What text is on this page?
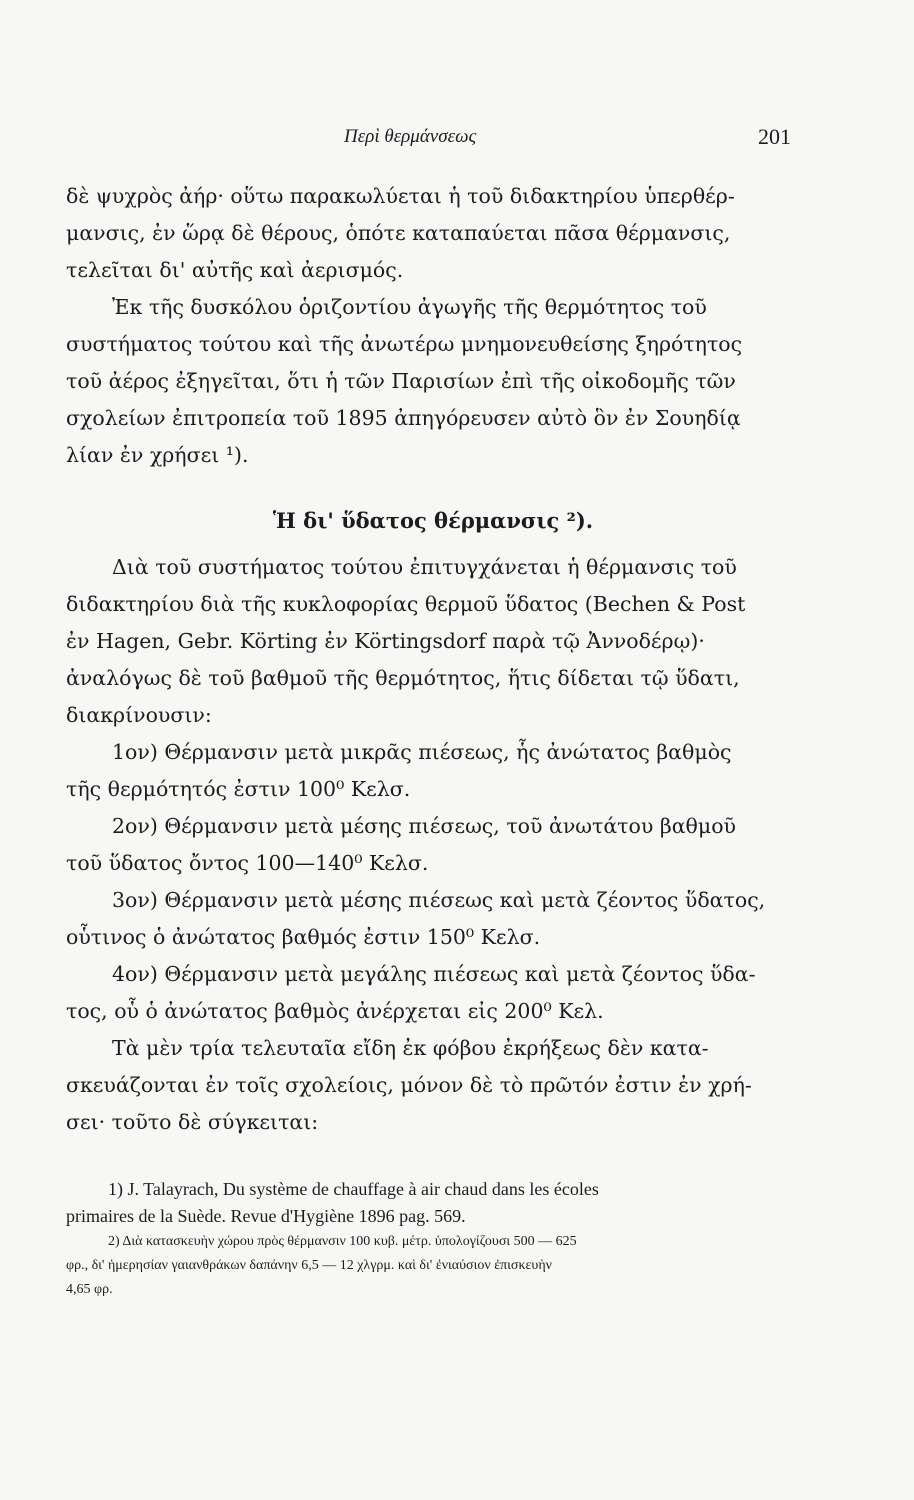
Περὶ θερμάνσεως	201
δὲ ψυχρὸς ἀήρ· οὕτω παρακωλύεται ἡ τοῦ διδακτηρίου ὑπερθέρ-
μανσις, ἐν ὥρᾳ δὲ θέρους, ὁπότε καταπαύεται πᾶσα θέρμανσις,
τελεῖται δι' αὐτῆς καὶ ἀερισμός.
Ἐκ τῆς δυσκόλου ὁριζοντίου ἀγωγῆς τῆς θερμότητος τοῦ
συστήματος τούτου καὶ τῆς ἀνωτέρω μνημονευθείσης ξηρότητος
τοῦ ἀέρος ἐξηγεῖται, ὅτι ἡ τῶν Παρισίων ἐπὶ τῆς οἰκοδομῆς τῶν
σχολείων ἐπιτροπεία τοῦ 1895 ἀπηγόρευσεν αὐτὸ ὃν ἐν Σουηδίᾳ
λίαν ἐν χρήσει ¹).
Ἡ δι' ὕδατος θέρμανσις ²).
Διὰ τοῦ συστήματος τούτου ἐπιτυγχάνεται ἡ θέρμανσις τοῦ
διδακτηρίου διὰ τῆς κυκλοφορίας θερμοῦ ὕδατος (Bechen & Post
ἐν Hagen, Gebr. Körting ἐν Körtingsdorf παρὰ τῷ Ἀννοδέρῳ)·
ἀναλόγως δὲ τοῦ βαθμοῦ τῆς θερμότητος, ἥτις δίδεται τῷ ὕδατι,
διακρίνουσιν:
1ον) Θέρμανσιν μετὰ μικρᾶς πιέσεως, ἧς ἀνώτατος βαθμὸς
τῆς θερμότητός ἐστιν 100⁰ Κελσ.
2ον) Θέρμανσιν μετὰ μέσης πιέσεως, τοῦ ἀνωτάτου βαθμοῦ
τοῦ ὕδατος ὄντος 100—140⁰ Κελσ.
3ον) Θέρμανσιν μετὰ μέσης πιέσεως καὶ μετὰ ζέοντος ὕδατος,
οὗτινος ὁ ἀνώτατος βαθμός ἐστιν 150⁰ Κελσ.
4ον) Θέρμανσιν μετὰ μεγάλης πιέσεως καὶ μετὰ ζέοντος ὕδα-
τος, οὗ ὁ ἀνώτατος βαθμὸς ἀνέρχεται εἰς 200⁰ Κελ.
Τὰ μὲν τρία τελευταῖα εἴδη ἐκ φόβου ἐκρήξεως δὲν κατα-
σκευάζονται ἐν τοῖς σχολείοις, μόνον δὲ τὸ πρῶτόν ἐστιν ἐν χρή-
σει· τοῦτο δὲ σύγκειται:
1) J. Talayrach, Du système de chauffage à air chaud dans les écoles
primaires de la Suède. Revue d'Hygiène 1896 pag. 569.
2) Διὰ κατασκευὴν χώρου πρὸς θέρμανσιν 100 κυβ. μέτρ. ὑπολογίζουσι 500 — 625
φρ., δι' ἡμερησίαν γαιανθράκων δαπάνην 6,5 — 12 χλγρμ. καὶ δι' ἐνιαύσιον ἐπισκευὴν
4,65 φρ.
